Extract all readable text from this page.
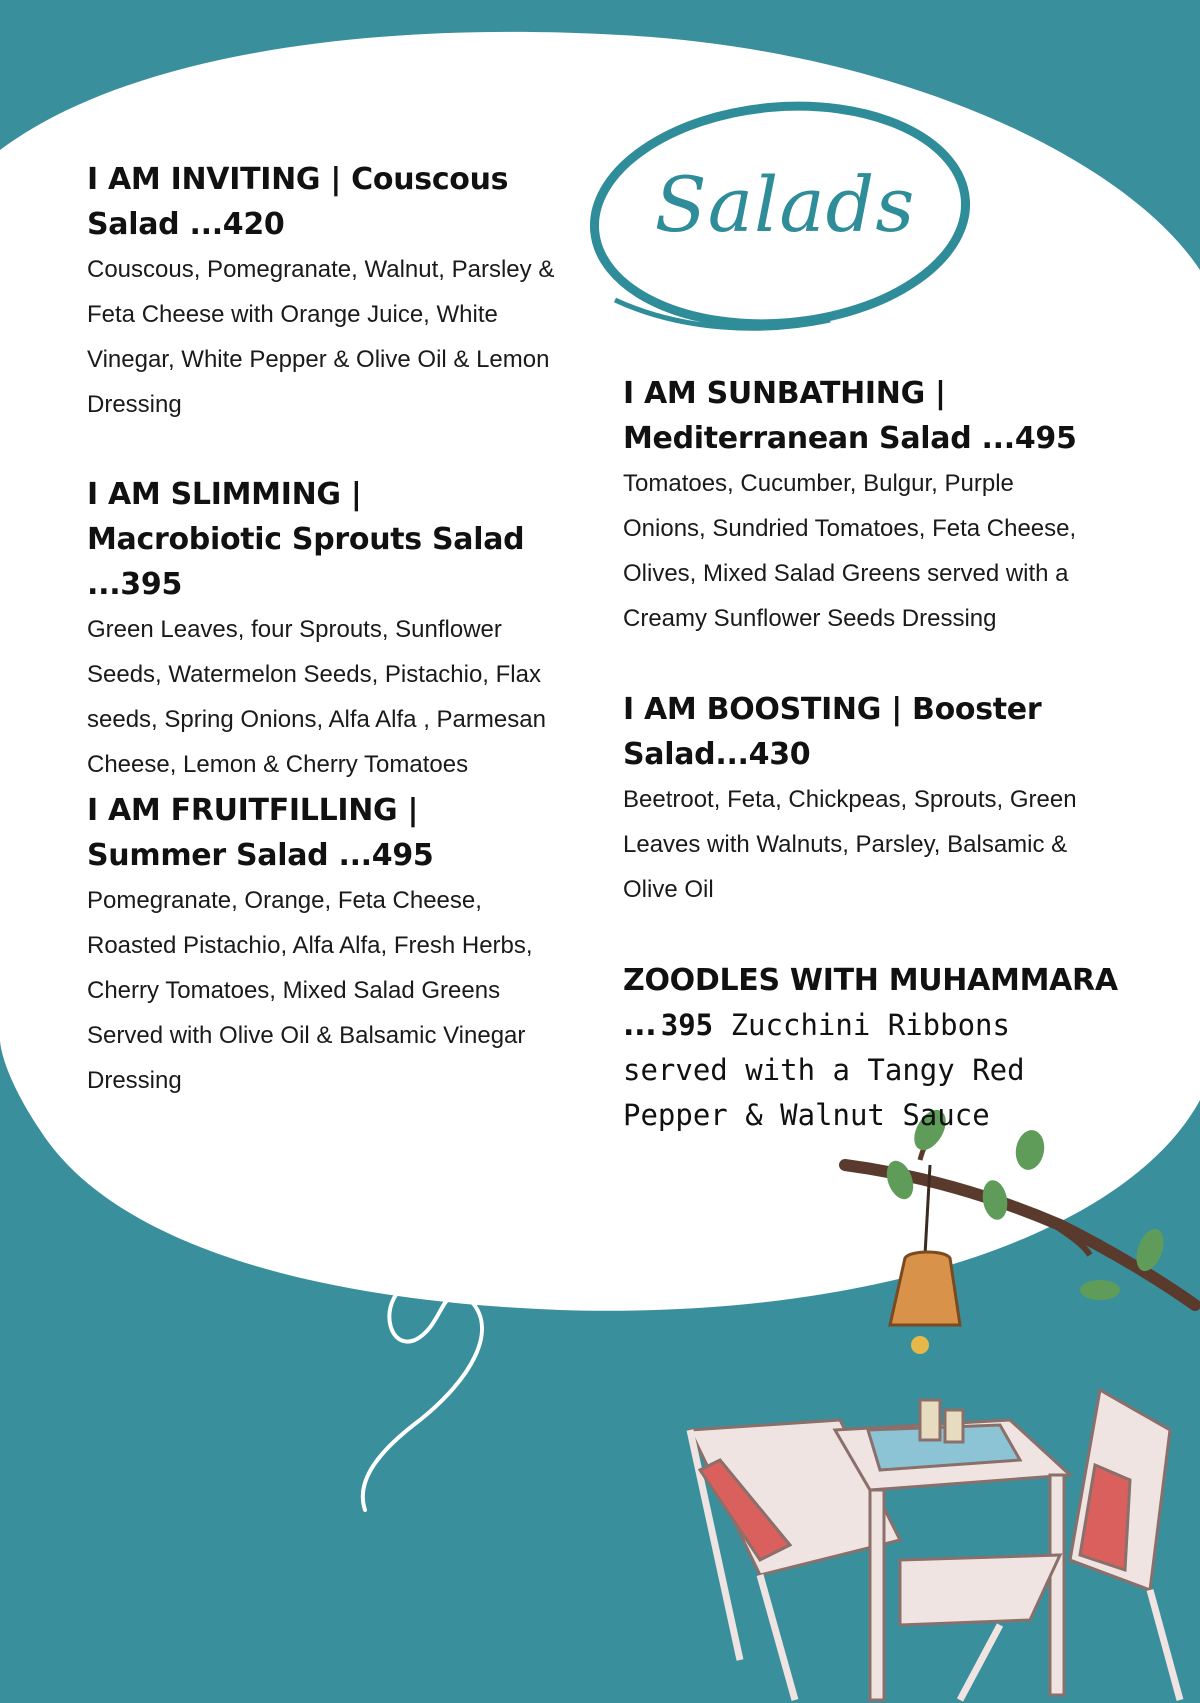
Salads

I AM INVITING | Couscous Salad ...420

Couscous, Pomegranate, Walnut, Parsley & Feta Cheese with Orange Juice, White Vinegar, White Pepper & Olive Oil & Lemon Dressing

I AM SLIMMING | Macrobiotic Sprouts Salad ...395

Green Leaves, four Sprouts, Sunflower Seeds, Watermelon Seeds, Pistachio, Flax seeds, Spring Onions, Alfa Alfa , Parmesan Cheese, Lemon & Cherry Tomatoes

I AM FRUITFILLING | Summer Salad ...495

Pomegranate, Orange, Feta Cheese, Roasted Pistachio, Alfa Alfa, Fresh Herbs, Cherry Tomatoes, Mixed Salad Greens Served with Olive Oil & Balsamic Vinegar Dressing

I AM SUNBATHING | Mediterranean Salad ...495

Tomatoes, Cucumber, Bulgur, Purple Onions, Sundried Tomatoes, Feta Cheese, Olives, Mixed Salad Greens served with a Creamy Sunflower Seeds Dressing

I AM BOOSTING | Booster Salad...430

Beetroot, Feta, Chickpeas, Sprouts, Green Leaves with Walnuts, Parsley, Balsamic & Olive Oil

ZOODLES WITH MUHAMMARA ... 395 Zucchini Ribbons served with a Tangy Red Pepper & Walnut Sauce
